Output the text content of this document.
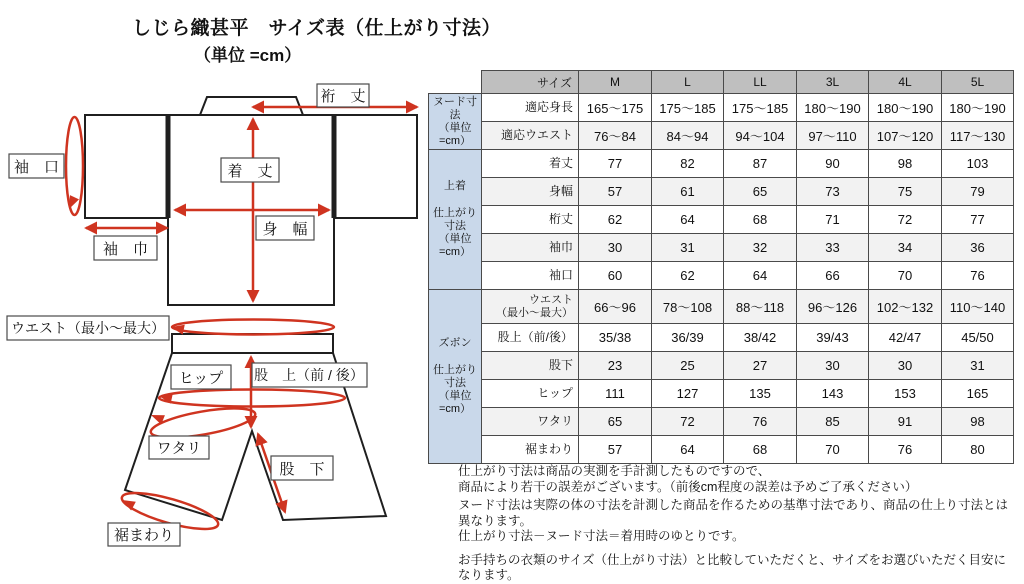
しじら織甚平　サイズ表（仕上がり寸法）
（単位 =cm）
裄　丈
袖　口	着　丈
身　幅
袖　巾
ウエスト（最小～最大）
ヒップ 股　上（前 / 後）
ワタリ
股　下
裾まわり
	サイズ	M	L	LL	3L	4L	5L

ヌード寸法
（単位=cm）	適応身長	165～175	175～185	175～185	180～190	180～190	180～190
	適応ウエスト	76～84	84～94	94～104	97～110	107～120	117～130

上着
仕上がり
寸法
（単位=cm）	着丈	77	82	87	90	98	103
	身幅	57	61	65	73	75	79
	桁丈	62	64	68	71	72	77
	袖巾	30	31	32	33	34	36
	袖口	60	62	64	66	70	76

ズボン
仕上がり
寸法
（単位=cm）

ウエスト
（最小～最大）	66～96	78～108	88～118	96～126	102～132	110～140
	股上（前/後）	35/38	36/39	38/42	39/43	42/47	45/50
	股下	23	25	27	30	30	31
	ヒップ	111	127	135	143	153	165
	ワタリ	65	72	76	85	91	98
	裾まわり	57	64	68	70	76	80
仕上がり寸法は商品の実測を手計測したものですので、
商品により若干の誤差がございます。（前後cm程度の誤差は予めご了承ください）
ヌード寸法は実際の体の寸法を計測した商品を作るための基準寸法であり、商品の仕上り寸法とは異なります。
仕上がり寸法－ヌード寸法＝着用時のゆとりです。
お手持ちの衣類のサイズ（仕上がり寸法）と比較していただくと、サイズをお選びいただく目安になります。
